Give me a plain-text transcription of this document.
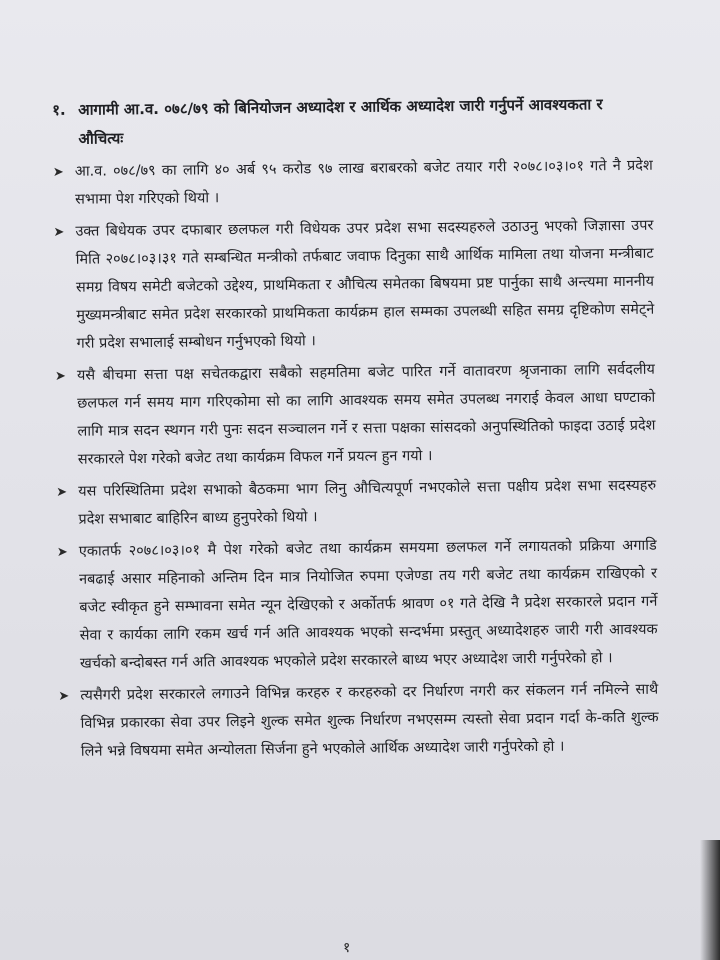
१. आगामी आ.व. ०७८/७९ को बिनियोजन अध्यादेश र आर्थिक अध्यादेश जारी गर्नुपर्ने आवश्यकता र औचित्यः
➤ आ.व. ०७८/७९ का लागि ४० अर्ब ९५ करोड ९७ लाख बराबरको बजेट तयार गरी २०७८।०३।०१ गते नै प्रदेश सभामा पेश गरिएको थियो ।
➤ उक्त बिधेयक उपर दफाबार छलफल गरी विधेयक उपर प्रदेश सभा सदस्यहरुले उठाउनु भएको जिज्ञासा उपर मिति २०७८।०३।३१ गते सम्बन्धित मन्त्रीको तर्फबाट जवाफ दिनुका साथै आर्थिक मामिला तथा योजना मन्त्रीबाट समग्र विषय समेटी बजेटको उद्देश्य, प्राथमिकता र औचित्य समेतका बिषयमा प्रष्ट पार्नुका साथै अन्त्यमा माननीय मुख्यमन्त्रीबाट समेत प्रदेश सरकारको प्राथमिकता कार्यक्रम हाल सम्मका उपलब्धी सहित समग्र दृष्टिकोण समेट्ने गरी प्रदेश सभालाई सम्बोधन गर्नुभएको थियो ।
➤ यसै बीचमा सत्ता पक्ष सचेतकद्वारा सबैको सहमतिमा बजेट पारित गर्ने वातावरण श्रृजनाका लागि सर्वदलीय छलफल गर्न समय माग गरिएकोमा सो का लागि आवश्यक समय समेत उपलब्ध नगराई केवल आधा घण्टाको लागि मात्र सदन स्थगन गरी पुनः सदन सञ्चालन गर्ने र सत्ता पक्षका सांसदको अनुपस्थितिको फाइदा उठाई प्रदेश सरकारले पेश गरेको बजेट तथा कार्यक्रम विफल गर्ने प्रयत्न हुन गयो ।
➤ यस परिस्थितिमा प्रदेश सभाको बैठकमा भाग लिनु औचित्यपूर्ण नभएकोले सत्ता पक्षीय प्रदेश सभा सदस्यहरु प्रदेश सभाबाट बाहिरिन बाध्य हुनुपरेको थियो ।
➤ एकातर्फ २०७८।०३।०१ मै पेश गरेको बजेट तथा कार्यक्रम समयमा छलफल गर्ने लगायतको प्रक्रिया अगाडि नबढाई असार महिनाको अन्तिम दिन मात्र नियोजित रुपमा एजेण्डा तय गरी बजेट तथा कार्यक्रम राखिएको र बजेट स्वीकृत हुने सम्भावना समेत न्यून देखिएको र अर्कोतर्फ श्रावण ०१ गते देखि नै प्रदेश सरकारले प्रदान गर्ने सेवा र कार्यका लागि रकम खर्च गर्न अति आवश्यक भएको सन्दर्भमा प्रस्तुत् अध्यादेशहरु जारी गरी आवश्यक खर्चको बन्दोबस्त गर्न अति आवश्यक भएकोले प्रदेश सरकारले बाध्य भएर अध्यादेश जारी गर्नुपरेको हो ।
➤ त्यसैगरी प्रदेश सरकारले लगाउने विभिन्न करहरु र करहरुको दर निर्धारण नगरी कर संकलन गर्न नमिल्ने साथै विभिन्न प्रकारका सेवा उपर लिइने शुल्क समेत शुल्क निर्धारण नभएसम्म त्यस्तो सेवा प्रदान गर्दा के-कति शुल्क लिने भन्ने विषयमा समेत अन्योलता सिर्जना हुने भएकोले आर्थिक अध्यादेश जारी गर्नुपरेको हो ।
१
